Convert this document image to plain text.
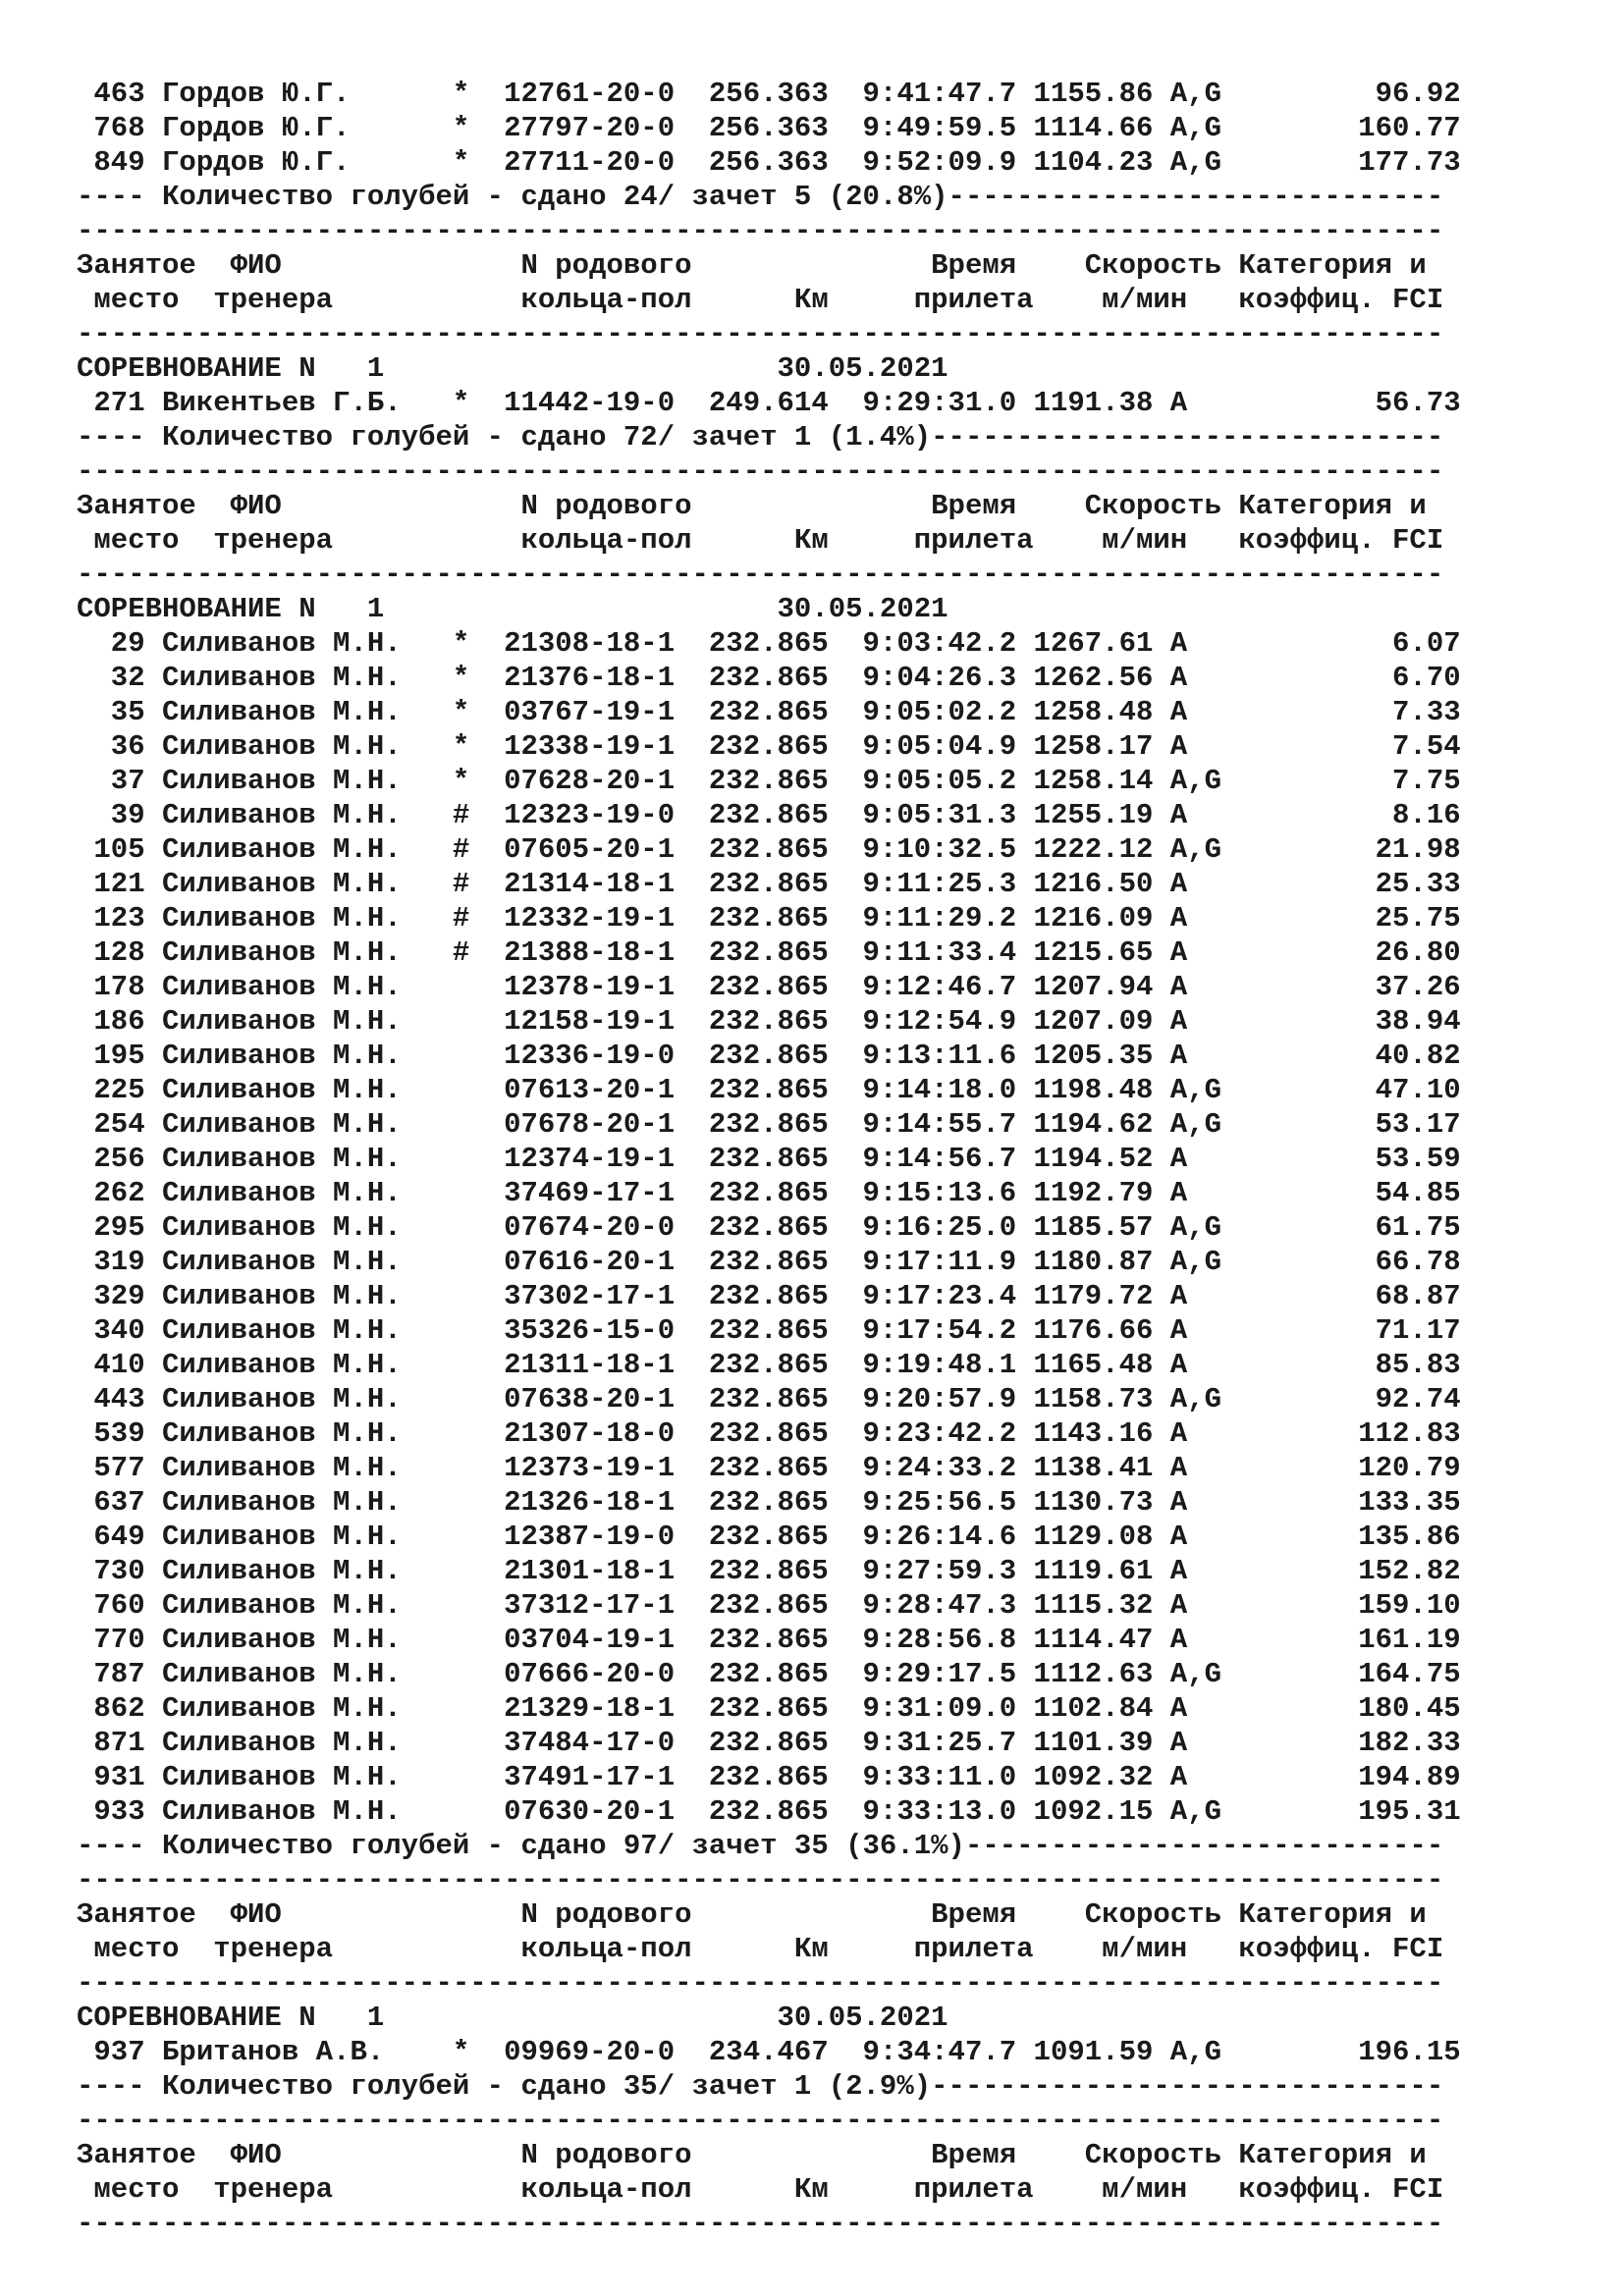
463 Гордов Ю.Г.      *  12761-20-0  256.363  9:41:47.7 1155.86 A,G         96.92
768 Гордов Ю.Г.      *  27797-20-0  256.363  9:49:59.5 1114.66 A,G        160.77
849 Гордов Ю.Г.      *  27711-20-0  256.363  9:52:09.9 1104.23 A,G        177.73
---- Количество голубей - сдано 24/ зачет 5 (20.8%)-----------------------------
--------------------------------------------------------------------------------
Занятое  ФИО              N родового              Время    Скорость Категория и
место  тренера           кольца-пол      Км     прилета    м/мин   коэффиц. FCI
--------------------------------------------------------------------------------
СОРЕВНОВАНИЕ N   1                       30.05.2021
271 Викентьев Г.Б.   *  11442-19-0  249.614  9:29:31.0 1191.38 A           56.73
---- Количество голубей - сдано 72/ зачет 1 (1.4%)------------------------------
--------------------------------------------------------------------------------
Занятое  ФИО              N родового              Время    Скорость Категория и
место  тренера           кольца-пол      Км     прилета    м/мин   коэффиц. FCI
--------------------------------------------------------------------------------
СОРЕВНОВАНИЕ N   1                       30.05.2021
29 Силиванов М.Н.   *  21308-18-1  232.865  9:03:42.2 1267.61 A            6.07
32 Силиванов М.Н.   *  21376-18-1  232.865  9:04:26.3 1262.56 A            6.70
35 Силиванов М.Н.   *  03767-19-1  232.865  9:05:02.2 1258.48 A            7.33
36 Силиванов М.Н.   *  12338-19-1  232.865  9:05:04.9 1258.17 A            7.54
37 Силиванов М.Н.   *  07628-20-1  232.865  9:05:05.2 1258.14 A,G          7.75
39 Силиванов М.Н.   #  12323-19-0  232.865  9:05:31.3 1255.19 A            8.16
105 Силиванов М.Н.   #  07605-20-1  232.865  9:10:32.5 1222.12 A,G         21.98
121 Силиванов М.Н.   #  21314-18-1  232.865  9:11:25.3 1216.50 A           25.33
123 Силиванов М.Н.   #  12332-19-1  232.865  9:11:29.2 1216.09 A           25.75
128 Силиванов М.Н.   #  21388-18-1  232.865  9:11:33.4 1215.65 A           26.80
178 Силиванов М.Н.      12378-19-1  232.865  9:12:46.7 1207.94 A           37.26
186 Силиванов М.Н.      12158-19-1  232.865  9:12:54.9 1207.09 A           38.94
195 Силиванов М.Н.      12336-19-0  232.865  9:13:11.6 1205.35 A           40.82
225 Силиванов М.Н.      07613-20-1  232.865  9:14:18.0 1198.48 A,G         47.10
254 Силиванов М.Н.      07678-20-1  232.865  9:14:55.7 1194.62 A,G         53.17
256 Силиванов М.Н.      12374-19-1  232.865  9:14:56.7 1194.52 A           53.59
262 Силиванов М.Н.      37469-17-1  232.865  9:15:13.6 1192.79 A           54.85
295 Силиванов М.Н.      07674-20-0  232.865  9:16:25.0 1185.57 A,G         61.75
319 Силиванов М.Н.      07616-20-1  232.865  9:17:11.9 1180.87 A,G         66.78
329 Силиванов М.Н.      37302-17-1  232.865  9:17:23.4 1179.72 A           68.87
340 Силиванов М.Н.      35326-15-0  232.865  9:17:54.2 1176.66 A           71.17
410 Силиванов М.Н.      21311-18-1  232.865  9:19:48.1 1165.48 A           85.83
443 Силиванов М.Н.      07638-20-1  232.865  9:20:57.9 1158.73 A,G         92.74
539 Силиванов М.Н.      21307-18-0  232.865  9:23:42.2 1143.16 A          112.83
577 Силиванов М.Н.      12373-19-1  232.865  9:24:33.2 1138.41 A          120.79
637 Силиванов М.Н.      21326-18-1  232.865  9:25:56.5 1130.73 A          133.35
649 Силиванов М.Н.      12387-19-0  232.865  9:26:14.6 1129.08 A          135.86
730 Силиванов М.Н.      21301-18-1  232.865  9:27:59.3 1119.61 A          152.82
760 Силиванов М.Н.      37312-17-1  232.865  9:28:47.3 1115.32 A          159.10
770 Силиванов М.Н.      03704-19-1  232.865  9:28:56.8 1114.47 A          161.19
787 Силиванов М.Н.      07666-20-0  232.865  9:29:17.5 1112.63 A,G        164.75
862 Силиванов М.Н.      21329-18-1  232.865  9:31:09.0 1102.84 A          180.45
871 Силиванов М.Н.      37484-17-0  232.865  9:31:25.7 1101.39 A          182.33
931 Силиванов М.Н.      37491-17-1  232.865  9:33:11.0 1092.32 A          194.89
933 Силиванов М.Н.      07630-20-1  232.865  9:33:13.0 1092.15 A,G        195.31
---- Количество голубей - сдано 97/ зачет 35 (36.1%)----------------------------
--------------------------------------------------------------------------------
Занятое  ФИО              N родового              Время    Скорость Категория и
место  тренера           кольца-пол      Км     прилета    м/мин   коэффиц. FCI
--------------------------------------------------------------------------------
СОРЕВНОВАНИЕ N   1                       30.05.2021
937 Британов А.В.    *  09969-20-0  234.467  9:34:47.7 1091.59 A,G        196.15
---- Количество голубей - сдано 35/ зачет 1 (2.9%)------------------------------
--------------------------------------------------------------------------------
Занятое  ФИО              N родового              Время    Скорость Категория и
место  тренера           кольца-пол      Км     прилета    м/мин   коэффиц. FCI
--------------------------------------------------------------------------------
